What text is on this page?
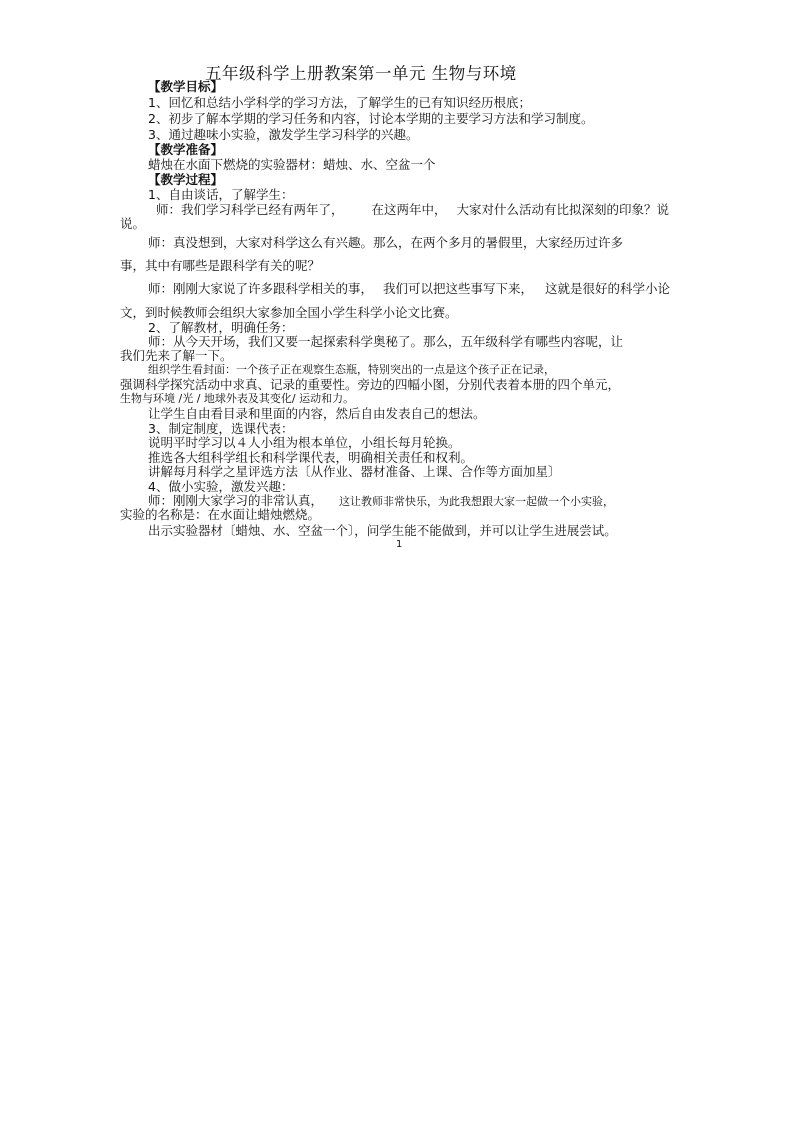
五年级科学上册教案第一单元 生物与环境
【教学目标】
1、回忆和总结小学科学的学习方法，了解学生的已有知识经历根底；
2、初步了解本学期的学习任务和内容，讨论本学期的主要学习方法和学习制度。
3、通过趣味小实验，激发学生学习科学的兴趣。
【教学准备】
蜡烛在水面下燃烧的实验器材：蜡烛、水、空盆一个
【教学过程】
1、自由谈话，了解学生：
师：我们学习科学已经有两年了， 在这两年中， 大家对什么活动有比拟深刻的印象？说
说。
师：真没想到，大家对科学这么有兴趣。那么，在两个多月的暑假里，大家经历过许多
事，其中有哪些是跟科学有关的呢？
师：刚刚大家说了许多跟科学相关的事， 我们可以把这些事写下来， 这就是很好的科学小论
文，到时候教师会组织大家参加全国小学生科学小论文比赛。
2、了解教材，明确任务：
师：从今天开场，我们又要一起探索科学奥秘了。那么，五年级科学有哪些内容呢，让
我们先来了解一下。
组织学生看封面：一个孩子正在观察生态瓶，特别突出的一点是这个孩子正在记录，
强调科学探究活动中求真、记录的重要性。旁边的四幅小图，分别代表着本册的四个单元，
生物与环境 /光 / 地球外表及其变化/ 运动和力。
让学生自由看目录和里面的内容，然后自由发表自己的想法。
3、制定制度，选课代表：
说明平时学习以４人小组为根本单位，小组长每月轮换。
推选各大组科学组长和科学课代表，明确相关责任和权利。
讲解每月科学之星评选方法〔从作业、器材准备、上课、合作等方面加星〕
4、做小实验，激发兴趣：
师：刚刚大家学习的非常认真， 这让教师非常快乐，为此我想跟大家一起做一个小实验，
实验的名称是：在水面让蜡烛燃烧。
出示实验器材〔蜡烛、水、空盆一个〕，问学生能不能做到，并可以让学生进展尝试。
1
